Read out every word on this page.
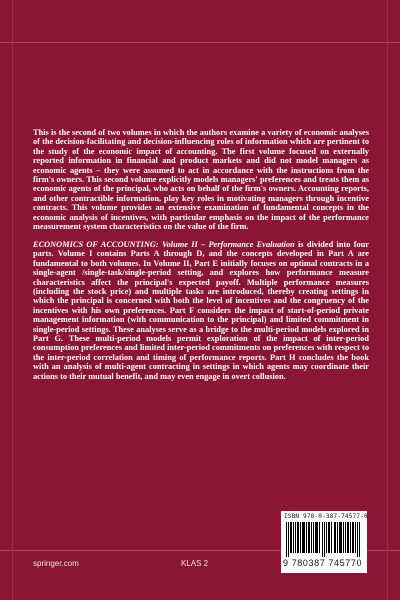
This is the second of two volumes in which the authors examine a variety of economic analyses of the decision-facilitating and decision-influencing roles of information which are pertinent to the study of the economic impact of accounting. The first volume focused on externally reported information in financial and product markets and did not model managers as economic agents – they were assumed to act in accordance with the instructions from the firm's owners. This second volume explicitly models managers' preferences and treats them as economic agents of the principal, who acts on behalf of the firm's owners. Accounting reports, and other contractible information, play key roles in motivating managers through incentive contracts. This volume provides an extensive examination of fundamental concepts in the economic analysis of incentives, with particular emphasis on the impact of the performance measurement system characteristics on the value of the firm.

ECONOMICS OF ACCOUNTING: Volume II – Performance Evaluation is divided into four parts. Volume I contains Parts A through D, and the concepts developed in Part A are fundamental to both volumes. In Volume II, Part E initially focuses on optimal contracts in a single-agent /single-task/single-period setting, and explores how performance measure characteristics affect the principal's expected payoff. Multiple performance measures (including the stock price) and multiple tasks are introduced, thereby creating settings in which the principal is concerned with both the level of incentives and the congruency of the incentives with his own preferences. Part F considers the impact of start-of-period private management information (with communication to the principal) and limited commitment in single-period settings. These analyses serve as a bridge to the multi-period models explored in Part G. These multi-period models permit exploration of the impact of inter-period consumption preferences and limited inter-period commitments on preferences with respect to the inter-period correlation and timing of performance reports. Part H concludes the book with an analysis of multi-agent contracting in settings in which agents may coordinate their actions to their mutual benefit, and may even engage in overt collusion.

ISBN 978-0-387-74577-0
9 780387 745770
springer.com	KLAS 2
